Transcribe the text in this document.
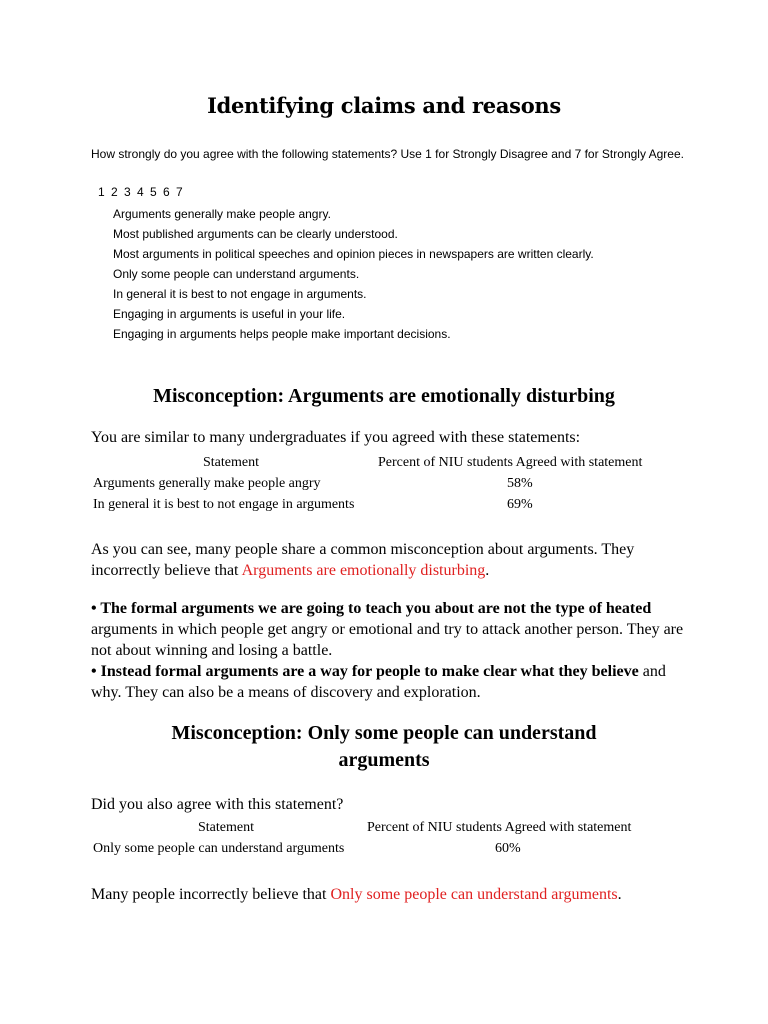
Identifying claims and reasons
How strongly do you agree with the following statements? Use 1 for Strongly Disagree and 7 for Strongly Agree.
1 2 3 4 5 6 7
Arguments generally make people angry.
Most published arguments can be clearly understood.
Most arguments in political speeches and opinion pieces in newspapers are written clearly.
Only some people can understand arguments.
In general it is best to not engage in arguments.
Engaging in arguments is useful in your life.
Engaging in arguments helps people make important decisions.
Misconception: Arguments are emotionally disturbing
You are similar to many undergraduates if you agreed with these statements:
Statement	Percent of NIU students Agreed with statement
Arguments generally make people angry	58%
In general it is best to not engage in arguments	69%
As you can see, many people share a common misconception about arguments. They incorrectly believe that Arguments are emotionally disturbing.
• The formal arguments we are going to teach you about are not the type of heated arguments in which people get angry or emotional and try to attack another person. They are not about winning and losing a battle.
• Instead formal arguments are a way for people to make clear what they believe and why. They can also be a means of discovery and exploration.
Misconception: Only some people can understand arguments
Did you also agree with this statement?
Statement	Percent of NIU students Agreed with statement
Only some people can understand arguments	60%
Many people incorrectly believe that Only some people can understand arguments.
